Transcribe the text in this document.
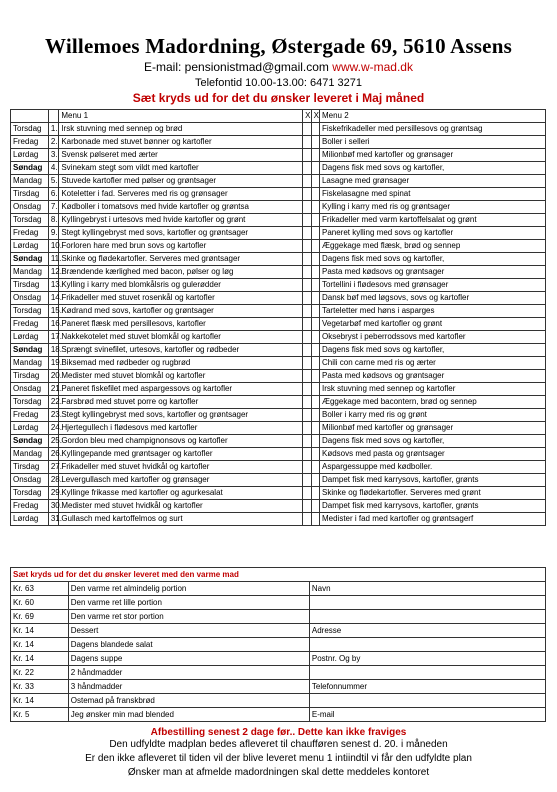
Willemoes Madordning, Østergade 69, 5610 Assens
E-mail: pensionistmad@gmail.com www.w-mad.dk
Telefontid 10.00-13.00: 6471 3271
Sæt kryds ud for det du ønsker leveret i Maj måned
		Menu 1	X	X	Menu 2
Torsdag	1.	Irsk stuvning med sennep og brød			Fiskefrikadeller med persillesovs og grøntsag
Fredag	2.	Karbonade med stuvet bønner og kartofler			Boller i selleri
Lørdag	3.	Svensk pølseret med ærter			Milionbøf med kartofler og grønsager
Søndag	4.	Svinekam stegt som vildt med kartofler			Dagens fisk med sovs og kartofler,
Mandag	5.	Stuvede kartofler med pølser og grøntsager			Lasagne med grønsager
Tirsdag	6.	Koteletter i fad. Serveres med ris og grønsager			Fiskelasagne med spinat
Onsdag	7.	Kødboller i tomatsovs med hvide kartofler og grøntsa			Kylling i karry med ris og grøntsager
Torsdag	8.	Kyllingebryst i urtesovs med hvide kartofler og grønt			Frikadeller med varm kartoffelsalat og grønt
Fredag	9.	Stegt kyllingebryst med sovs, kartofler og grøntsager			Paneret kylling med sovs og kartofler
Lørdag	10.	Forloren hare med brun sovs og kartofler			Æggekage med flæsk, brød og sennep
Søndag	11.	Skinke og flødekartofler. Serveres med grøntsager			Dagens fisk med sovs og kartofler,
Mandag	12.	Brændende kærlighed med bacon, pølser og løg			Pasta med kødsovs og grøntsager
Tirsdag	13.	Kylling i karry med blomkålsris og gulerødder			Tortellini i flødesovs med grønsager
Onsdag	14.	Frikadeller med stuvet rosenkål og kartofler			Dansk bøf med løgsovs, sovs og kartofler
Torsdag	15.	Kødrand med sovs, kartofler og grøntsager			Tarteletter med høns i asparges
Fredag	16.	Paneret flæsk med persillesovs, kartofler			Vegetarbøf med kartofler og grønt
Lørdag	17.	Nakkekotelet med stuvet blomkål og kartofler			Oksebryst i peberrodssovs med kartofler
Søndag	18.	Sprængt svinefilet, urtesovs, kartofler og rødbeder			Dagens fisk med sovs og kartofler,
Mandag	19.	Biksemad med rødbeder og rugbrød			Chili con carne med ris og ærter
Tirsdag	20.	Medister med stuvet blomkål og kartofler			Pasta med kødsovs og grøntsager
Onsdag	21.	Paneret fiskefilet med aspargessovs og kartofler			Irsk stuvning med sennep og kartofler
Torsdag	22.	Farsbrød med stuvet porre og kartofler			Æggekage med bacontern, brød og sennep
Fredag	23.	Stegt kyllingebryst med sovs, kartofler og grøntsager			Boller i karry med ris og grønt
Lørdag	24.	Hjertegullech i flødesovs med kartofler			Milionbøf med kartofler og grønsager
Søndag	25.	Gordon bleu med champignonsovs og kartofler			Dagens fisk med sovs og kartofler,
Mandag	26.	Kyllingepande med grøntsager og kartofler			Kødsovs med pasta og grøntsager
Tirsdag	27.	Frikadeller med stuvet hvidkål og kartofler			Aspargessuppe med kødboller.
Onsdag	28.	Levergullasch med kartofler og grønsager			Dampet fisk med karrysovs, kartofler, grønts
Torsdag	29.	Kyllinge frikasse med kartofler og agurkesalat			Skinke og flødekartofler. Serveres med grønt
Fredag	30.	Medister med stuvet hvidkål og kartofler			Dampet fisk med karrysovs, kartofler, grønts
Lørdag	31.	Gullasch med kartoffelmos og surt			Medister i fad med kartofler og grøntsagerf
Sæt kryds ud for det du ønsker leveret med den varme mad		
Kr. 63	Den varme ret almindelig portion	Navn
Kr. 60	Den varme ret lille portion	
Kr. 69	Den varme ret stor portion	
Kr. 14	Dessert	Adresse
Kr. 14	Dagens blandede salat	
Kr. 14	Dagens suppe	Postnr. Og by
Kr. 22	2 håndmadder	
Kr. 33	3 håndmadder	Telefonnummer
Kr. 14	Ostemad på franskbrød	
Kr. 5	Jeg ønsker min mad blended	E-mail
Afbestilling senest 2 dage før.. Dette kan ikke fraviges
Den udfyldte madplan bedes afleveret til chaufføren senest d. 20. i måneden
Er den ikke afleveret til tiden vil der blive leveret menu 1 intiindtil vi får den udfyldte plan
Ønsker man at afmelde madordningen skal dette meddeles kontoret
